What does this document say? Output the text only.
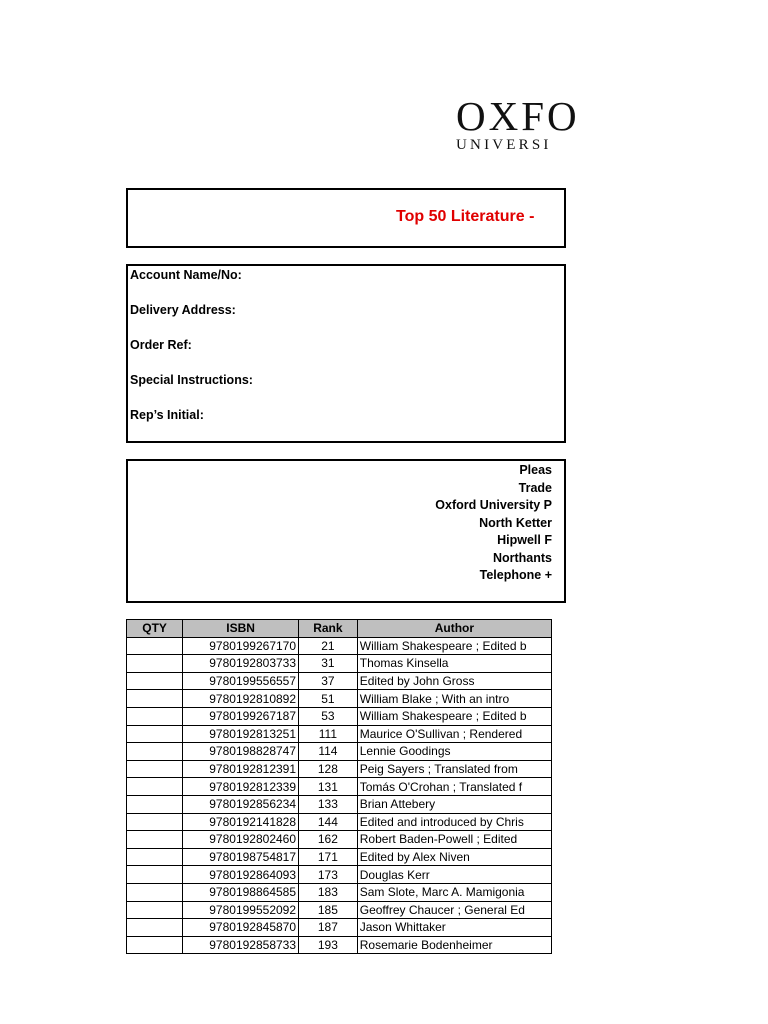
OXFO
UNIVERSI
Top 50 Literature -
Account Name/No:
Delivery Address:
Order Ref:
Special Instructions:
Rep’s Initial:
Pleas
Trade
Oxford University P
North Ketter
Hipwell F
Northants
Telephone +
QTY	ISBN	Rank	Author
	9780199267170	21	William Shakespeare ; Edited b
	9780192803733	31	Thomas Kinsella
	9780199556557	37	Edited by John Gross
	9780192810892	51	William Blake ; With an intro
	9780199267187	53	William Shakespeare ; Edited b
	9780192813251	111	Maurice O'Sullivan ; Rendered
	9780198828747	114	Lennie Goodings
	9780192812391	128	Peig Sayers ; Translated from
	9780192812339	131	Tomás O'Crohan ; Translated f
	9780192856234	133	Brian Attebery
	9780192141828	144	Edited and introduced by Chris
	9780192802460	162	Robert Baden-Powell ; Edited
	9780198754817	171	Edited by Alex Niven
	9780192864093	173	Douglas Kerr
	9780198864585	183	Sam Slote, Marc A. Mamigonia
	9780199552092	185	Geoffrey Chaucer ; General Ed
	9780192845870	187	Jason Whittaker
	9780192858733	193	Rosemarie Bodenheimer
